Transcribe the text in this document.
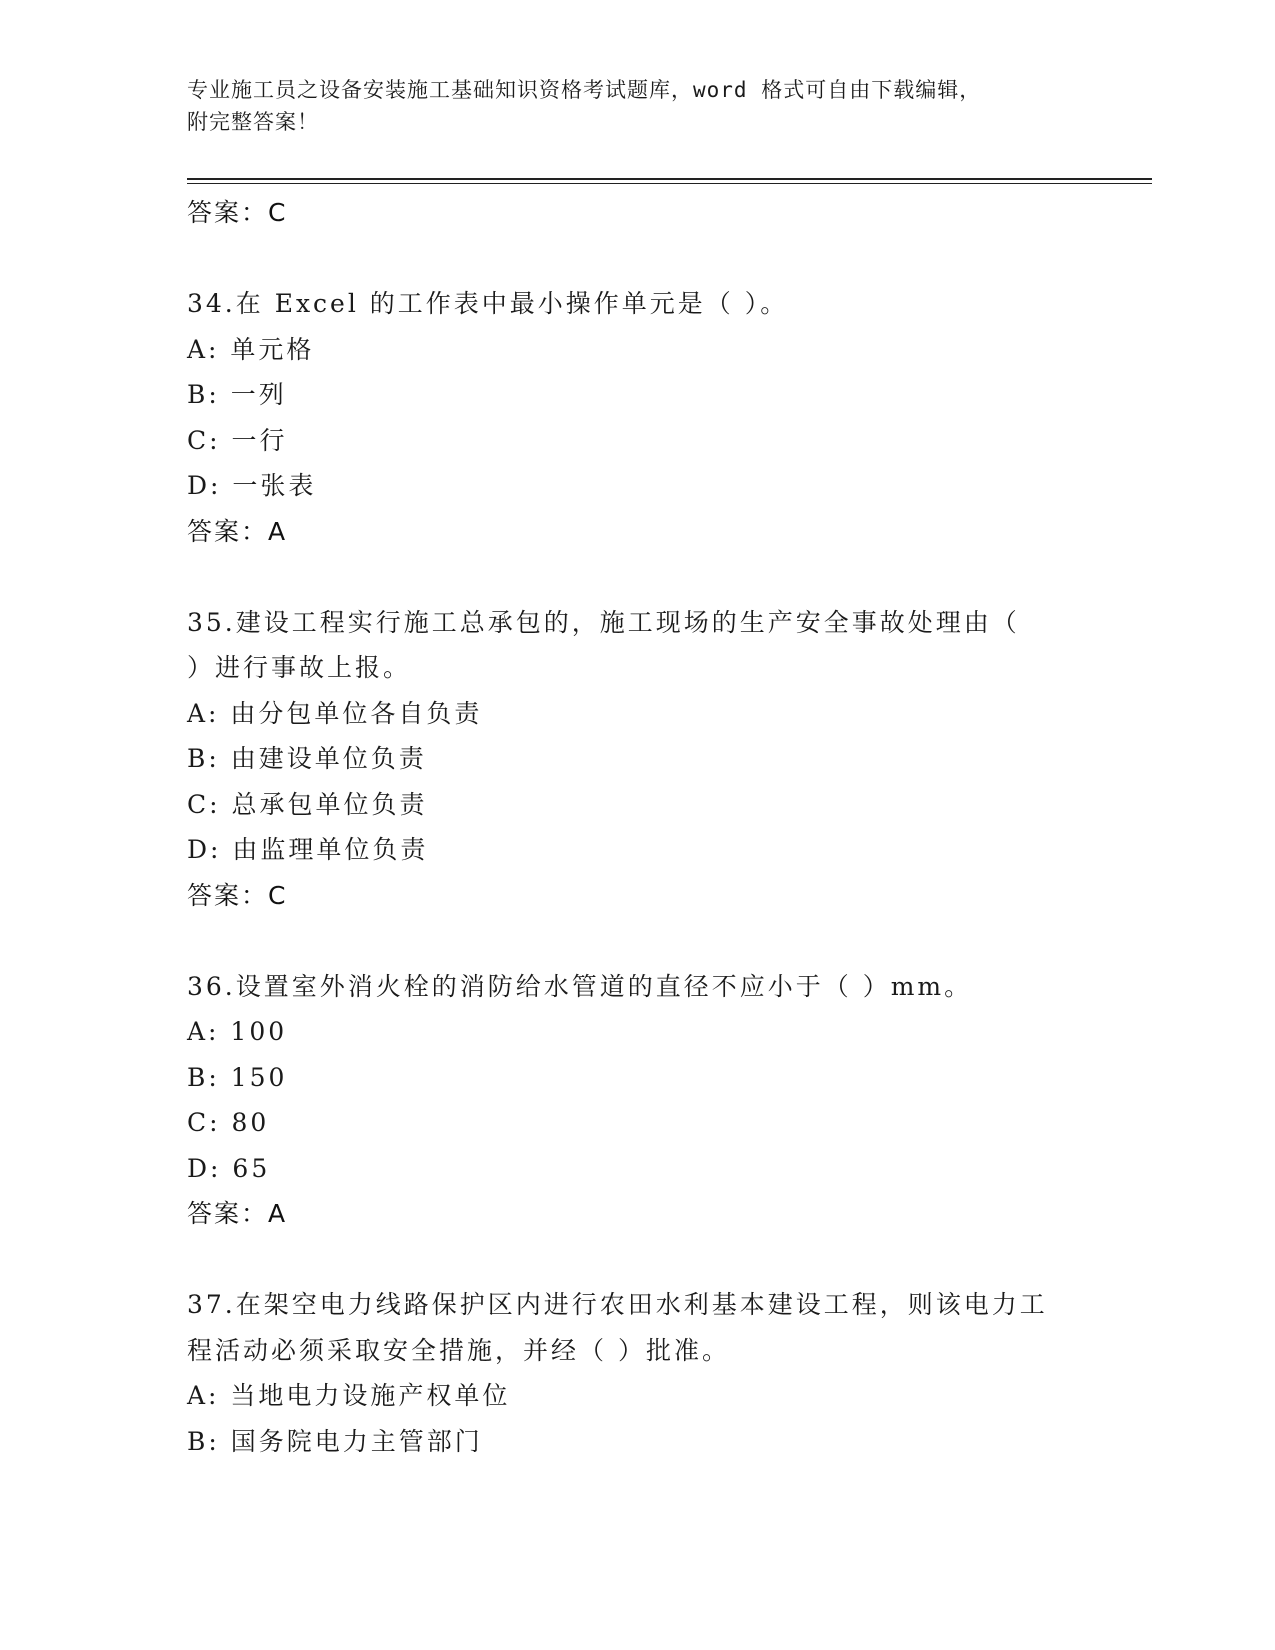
专业施工员之设备安装施工基础知识资格考试题库，word 格式可自由下载编辑，
附完整答案！
答案：C
34.在 Excel 的工作表中最小操作单元是（ ）。
A: 单元格
B: 一列
C: 一行
D: 一张表
答案：A
35.建设工程实行施工总承包的，施工现场的生产安全事故处理由（
）进行事故上报。
A: 由分包单位各自负责
B: 由建设单位负责
C: 总承包单位负责
D: 由监理单位负责
答案：C
36.设置室外消火栓的消防给水管道的直径不应小于（ ）mm。
A: 100
B: 150
C: 80
D: 65
答案：A
37.在架空电力线路保护区内进行农田水利基本建设工程，则该电力工
程活动必须采取安全措施，并经（ ）批准。
A: 当地电力设施产权单位
B: 国务院电力主管部门
